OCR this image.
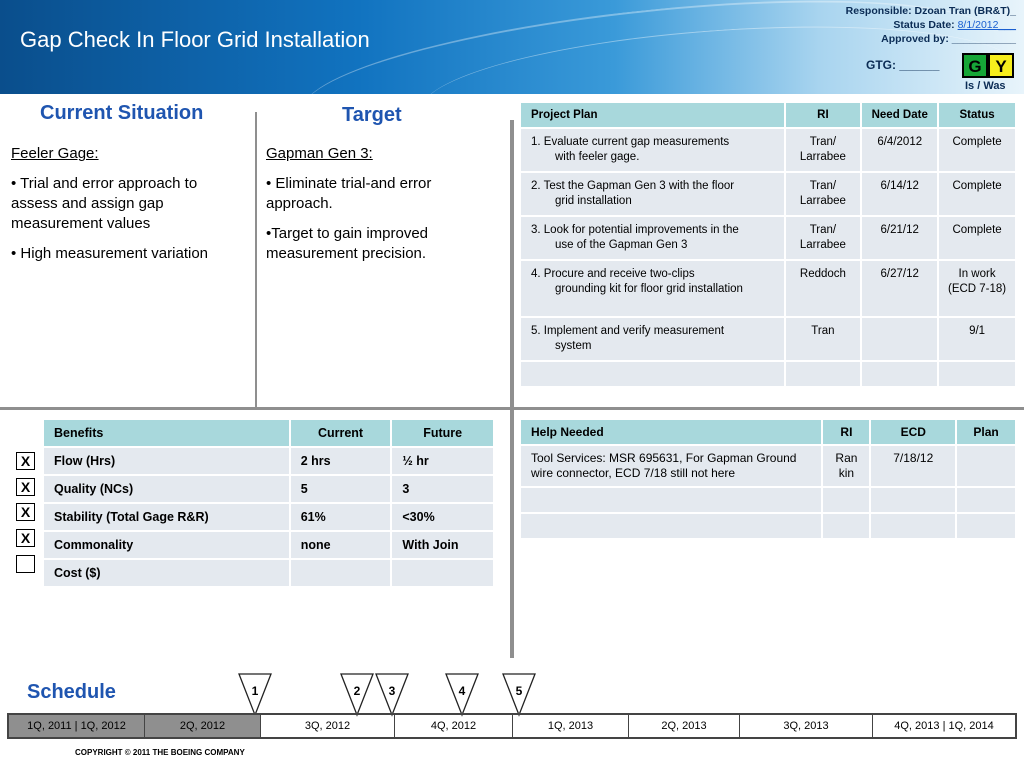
Gap Check In Floor Grid Installation
Responsible: Dzoan Tran (BR&T)_
Status Date: 8/1/2012___
Approved by: ___________
GTG: ______	G Y
Is / Was
Current Situation

Feeler Gage:

• Trial and error approach to assess and assign gap measurement values

• High measurement variation

Target

Gapman Gen 3:

• Eliminate trial-and error approach.

•Target to gain improved measurement precision.

Project Plan	RI	Need Date	Status
1. Evaluate current gap measurements
with feeler gage.	Tran/ Larrabee	6/4/2012	Complete
2. Test the Gapman Gen 3 with the floor
grid installation	Tran/ Larrabee	6/14/12	Complete
3. Look for potential improvements in the
use of the Gapman Gen 3	Tran/ Larrabee	6/21/12	Complete
4. Procure and receive two-clips
grounding kit for floor grid installation	Reddoch	6/27/12	In work (ECD 7-18)
5. Implement and verify measurement
system	Tran		9/1

Benefits	Current	Future
Flow (Hrs)	2 hrs	½ hr
Quality (NCs)	5	3
Stability (Total Gage R&R)	61%	<30%
Commonality	none	With Join
Cost ($)		
X
X
X
X
Help Needed	RI	ECD	Plan
Tool Services: MSR 695631, For Gapman Ground wire connector, ECD 7/18 still not here	Ran kin	7/18/12	

Schedule	1	2	3	4	5
1Q, 2011 | 1Q, 2012	2Q, 2012	3Q, 2012	4Q, 2012	1Q, 2013	2Q, 2013	3Q, 2013	4Q, 2013 | 1Q, 2014
COPYRIGHT © 2011 THE BOEING COMPANY
